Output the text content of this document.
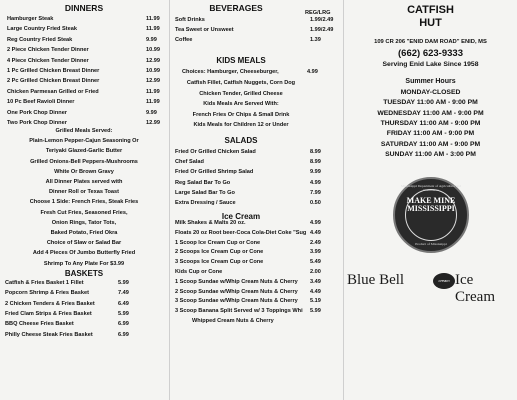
DINNERS
Hamburger Steak	11.99
Large Country Fried Steak	11.99
Reg Country Fried Steak	9.99
2 Piece Chicken Tender Dinner	10.99
4 Piece Chicken Tender Dinner	12.99
1 Pc Grilled Chicken Breast Dinner	10.99
2 Pc Grilled Chicken Breast Dinner	12.99
Chicken Parmesan Grilled or Fried	11.99
10 Pc Beef Ravioli Dinner	11.99
One Pork Chop Dinner	9.99
Two Pork Chop Dinner	12.99
Grilled Meals Served:
Plain-Lemon Pepper-Cajun Seasoning Or
Teriyaki Glazed-Garlic Butter
Grilled Onions-Bell Peppers-Mushrooms
White Or Brown Gravy
All Dinner Plates served with
Dinner Roll or Texas Toast
Choose 1 Side: French Fries, Steak Fries
Fresh Cut Fries, Seasoned Fries,
Onion Rings, Tator Tots,
Baked Potato, Fried Okra
Choice of Slaw or Salad Bar
Add 4 Pieces Of Jumbo Butterfly Fried
Shrimp To Any Plate For $3.99
BASKETS
Catfish & Fries Basket 1 Fillet	5.99
Popcorn Shrimp & Fries Basket	7.49
2 Chicken Tenders & Fries Basket	6.49
Fried Clam Strips & Fries Basket	5.99
BBQ Cheese Fries Basket	6.99
Philly Cheese Steak Fries Basket	6.99
BEVERAGES	REG/LRG
Soft Drinks	1.99/2.49
Tea Sweet or Unsweet	1.99/2.49
Coffee	1.39
KIDS MEALS
Choices: Hamburger, Cheeseburger,	4.99
Catfish Fillet, Catfish Nuggets, Corn Dog
Chicken Tender, Grilled Cheese
Kids Meals Are Served With:
French Fries Or Chips & Small Drink
Kids Meals for Children 12 or Under
SALADS
Fried Or Grilled Chicken Salad	8.99
Chef Salad	8.99
Fried Or Grilled Shrimp Salad	9.99
Reg Salad Bar To Go	4.99
Large Salad Bar To Go	7.99
Extra Dressing / Sauce	0.50
Ice Cream
Milk Shakes & Malts 20 oz.	4.99
Floats 20 oz Root beer-Coca Cola-Diet Coke "Sug 4.49
1 Scoop Ice Cream Cup or Cone	2.49
2 Scoops Ice Cream Cup or Cone	3.99
3 Scoops Ice Cream Cup or Cone	5.49
Kids Cup or Cone	2.00
1 Scoop Sundae w/Whip Cream Nuts & Cherry 3.49
2 Scoop Sundae w/Whip Cream Nuts & Cherry 4.49
3 Scoop Sundae w/Whip Cream Nuts & Cherry 5.19
3 Scoop Banana Split Served w/ 3 Toppings Whi 5.99
Whipped Cream Nuts & Cherry
CATFISH
HUT
109 CR 206 "ENID DAM ROAD" ENID, MS
(662) 623-9333
Serving Enid Lake Since 1958
Summer Hours
MONDAY-CLOSED
TUESDAY 11:00 AM - 9:00 PM
WEDNESDAY 11:00 AM - 9:00 PM
THURSDAY 11:00 AM - 9:00 PM
FRIDAY 11:00 AM - 9:00 PM
SATURDAY 11:00 AM - 9:00 PM
SUNDAY 11:00 AM - 3:00 PM
Mississippi Department of Agriculture and Commerce
MAKE MINE MISSISSIPPI
Product of Mississippi
Blue Bell	cream Ice Cream
